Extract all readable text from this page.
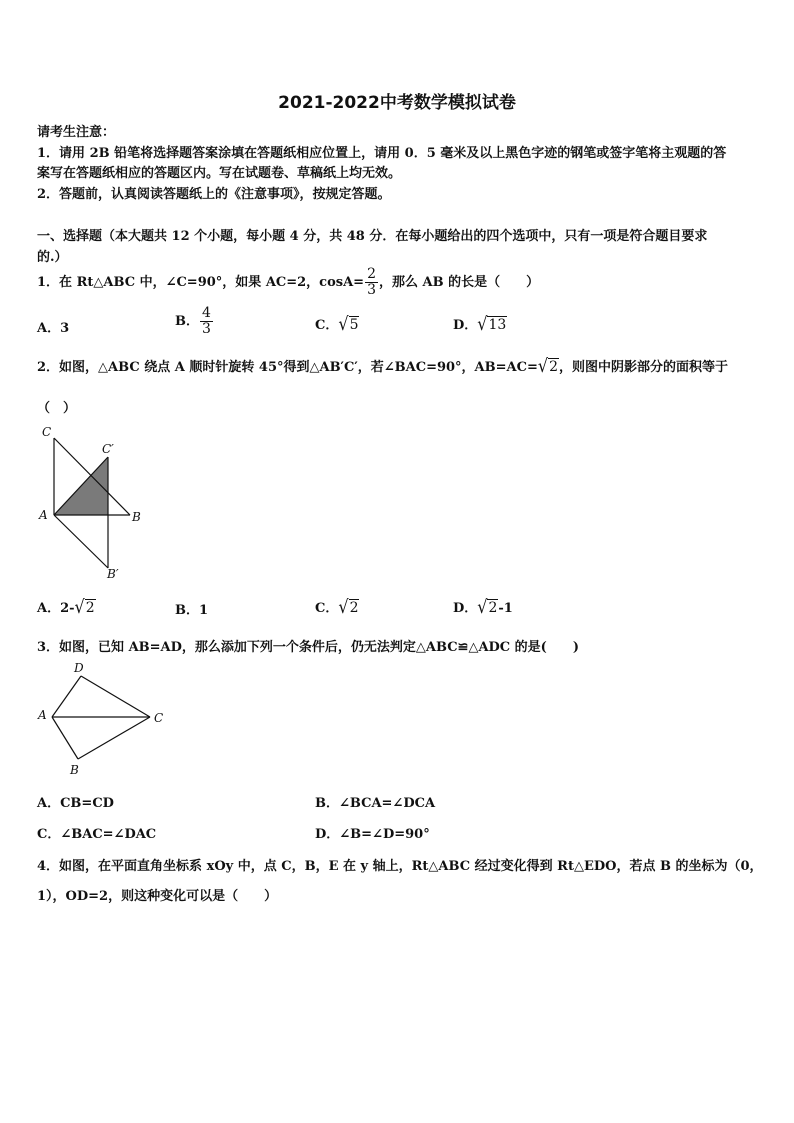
2021-2022中考数学模拟试卷
请考生注意：
1．请用 2B 铅笔将选择题答案涂填在答题纸相应位置上，请用 0．5 毫米及以上黑色字迹的钢笔或签字笔将主观题的答
案写在答题纸相应的答题区内。写在试题卷、草稿纸上均无效。
2．答题前，认真阅读答题纸上的《注意事项》，按规定答题。
一、选择题（本大题共 12 个小题，每小题 4 分，共 48 分．在每小题给出的四个选项中，只有一项是符合题目要求
的.）
1．在 Rt△ABC 中，∠C=90°，如果 AC=2，$\cos A= \frac{2}{3}$ ，那么 AB 的长是（　　）
A．3	B． $\frac{4}{3}$	C．√5	D．√13
2．如图，△ABC 绕点 A 顺时针旋转 45°得到△AB′C′，若∠BAC=90°，AB=AC=√2，则图中阴影部分的面积等于
（　）
C
C′
A	B
B′
A．2-√2	B．1	C．√2	D．√2-1
3．如图，已知 AB=AD，那么添加下列一个条件后，仍无法判定△ABC≌△ADC 的是(　　)
D
A	C
B
A．CB=CD	B．∠BCA=∠DCA
C．∠BAC=∠DAC	D．∠B=∠D=90°
4．如图，在平面直角坐标系 xOy 中，点 C，B，E 在 y 轴上，Rt△ABC 经过变化得到 Rt△EDO，若点 B 的坐标为（0，
1），OD=2，则这种变化可以是（　　）
